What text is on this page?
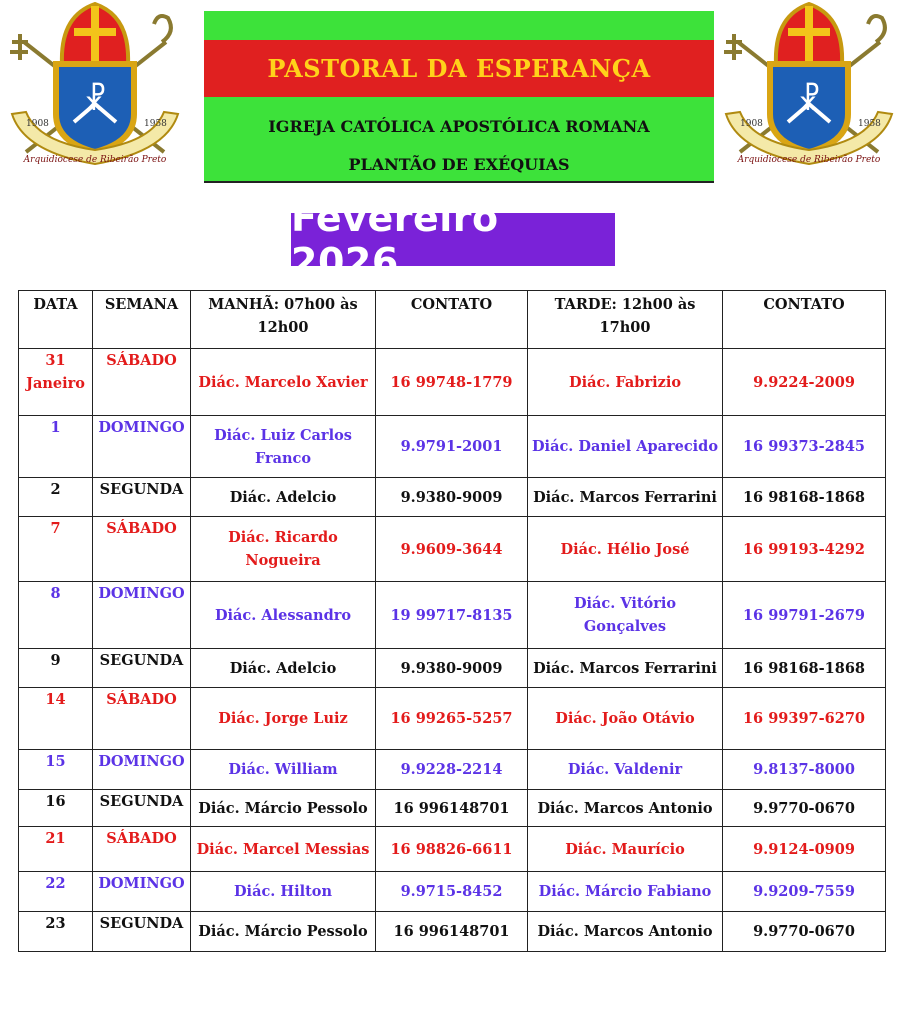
☧
1908	1958
Arquidiocese de Ribeirão Preto
☧
1908	1958
Arquidiocese de Ribeirão Preto
PASTORAL DA ESPERANÇA
IGREJA CATÓLICA APOSTÓLICA ROMANA
PLANTÃO DE EXÉQUIAS
Fevereiro 2026
DATA	SEMANA	MANHÃ: 07h00 às 12h00	CONTATO	TARDE: 12h00 às 17h00	CONTATO
31 Janeiro	SÁBADO	Diác. Marcelo Xavier	16 99748-1779	Diác. Fabrizio	9.9224-2009
1	DOMINGO	Diác. Luiz Carlos Franco	9.9791-2001	Diác. Daniel Aparecido	16 99373-2845
2	SEGUNDA	Diác. Adelcio	9.9380-9009	Diác. Marcos Ferrarini	16 98168-1868
7	SÁBADO	Diác. Ricardo Nogueira	9.9609-3644	Diác. Hélio José	16 99193-4292
8	DOMINGO	Diác. Alessandro	19 99717-8135	Diác. Vitório Gonçalves	16 99791-2679
9	SEGUNDA	Diác. Adelcio	9.9380-9009	Diác. Marcos Ferrarini	16 98168-1868
14	SÁBADO	Diác. Jorge Luiz	16 99265-5257	Diác. João Otávio	16 99397-6270
15	DOMINGO	Diác. William	9.9228-2214	Diác. Valdenir	9.8137-8000
16	SEGUNDA	Diác. Márcio Pessolo	16 996148701	Diác. Marcos Antonio	9.9770-0670
21	SÁBADO	Diác. Marcel Messias	16 98826-6611	Diác. Maurício	9.9124-0909
22	DOMINGO	Diác. Hilton	9.9715-8452	Diác. Márcio Fabiano	9.9209-7559
23	SEGUNDA	Diác. Márcio Pessolo	16 996148701	Diác. Marcos Antonio	9.9770-0670
